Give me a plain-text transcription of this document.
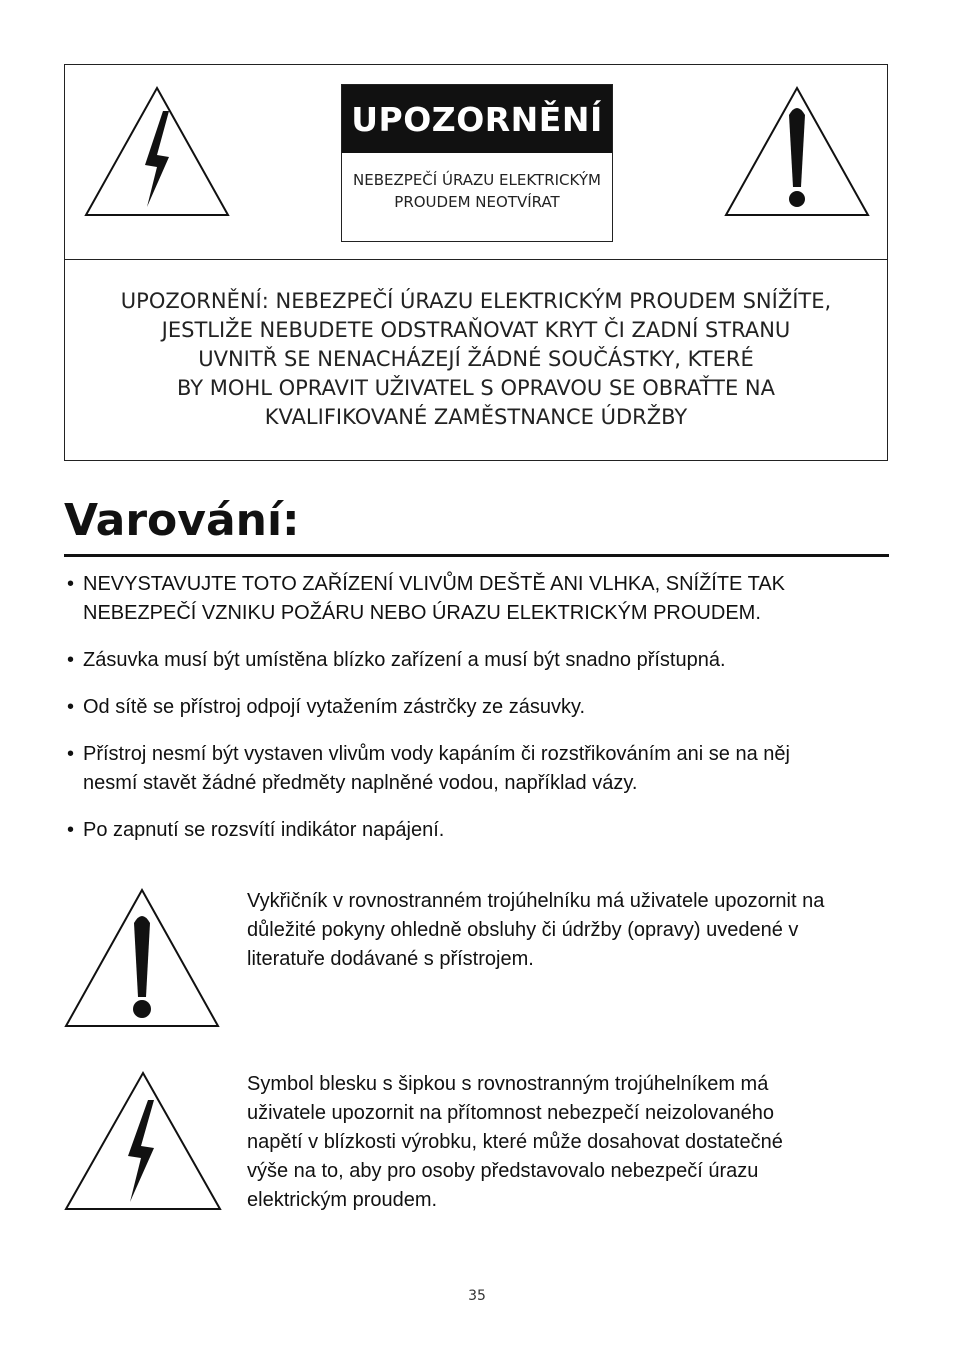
UPOZORNĚNÍ
NEBEZPEČÍ ÚRAZU ELEKTRICKÝM
PROUDEM NEOTVÍRAT
UPOZORNĚNÍ: NEBEZPEČÍ ÚRAZU ELEKTRICKÝM PROUDEM SNÍŽÍTE,
JESTLIŽE NEBUDETE ODSTRAŇOVAT KRYT ČI ZADNÍ STRANU
UVNITŘ SE NENACHÁZEJÍ ŽÁDNÉ SOUČÁSTKY, KTERÉ
BY MOHL OPRAVIT UŽIVATEL S OPRAVOU SE OBRAŤTE NA
KVALIFIKOVANÉ ZAMĚSTNANCE ÚDRŽBY
Varování:
• NEVYSTAVUJTE TOTO ZAŘÍZENÍ VLIVŮM DEŠTĚ ANI VLHKA, SNÍŽÍTE TAK
NEBEZPEČÍ VZNIKU POŽÁRU NEBO ÚRAZU ELEKTRICKÝM PROUDEM.
• Zásuvka musí být umístěna blízko zařízení a musí být snadno přístupná.
• Od sítě se přístroj odpojí vytažením zástrčky ze zásuvky.
• Přístroj nesmí být vystaven vlivům vody kapáním či rozstřikováním ani se na něj
nesmí stavět žádné předměty naplněné vodou, například vázy.
• Po zapnutí se rozsvítí indikátor napájení.
Vykřičník v rovnostranném trojúhelníku má uživatele upozornit na
důležité pokyny ohledně obsluhy či údržby (opravy) uvedené v
literatuře dodávané s přístrojem.
Symbol blesku s šipkou s rovnostranným trojúhelníkem má
uživatele upozornit na přítomnost nebezpečí neizolovaného
napětí v blízkosti výrobku, které může dosahovat dostatečné
výše na to, aby pro osoby představovalo nebezpečí úrazu
elektrickým proudem.
35
